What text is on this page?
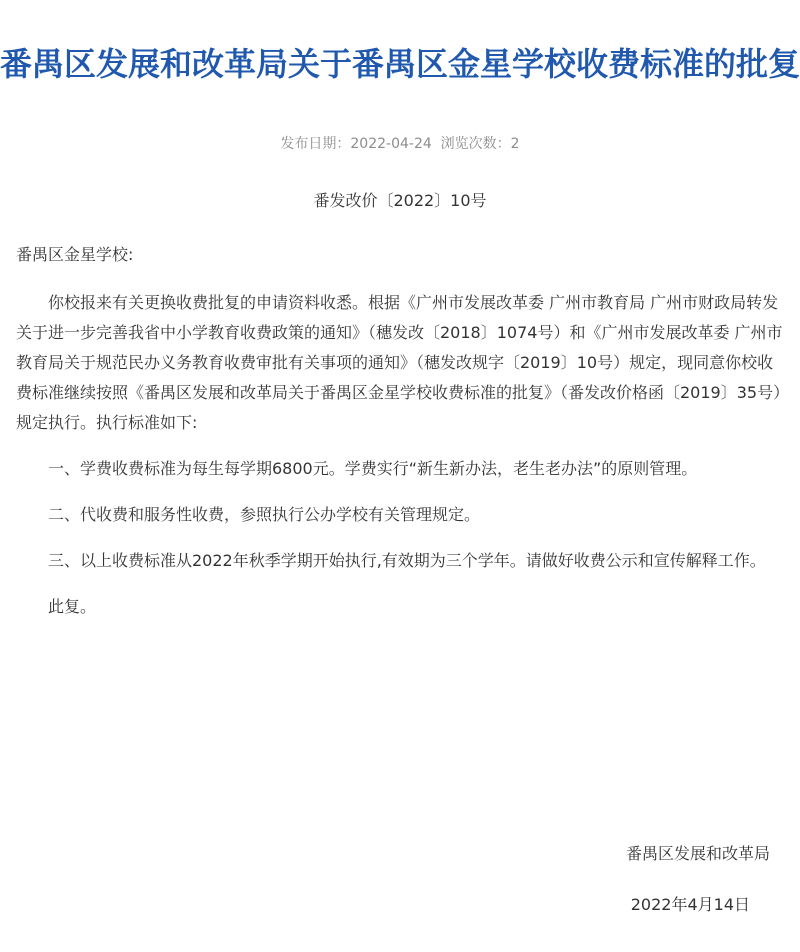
番禺区发展和改革局关于番禺区金星学校收费标准的批复
发布日期：2022-04-24 浏览次数：2
番发改价〔2022〕10号

番禺区金星学校:

你校报来有关更换收费批复的申请资料收悉。根据《广州市发展改革委 广州市教育局 广州市财政局转发关于进一步完善我省中小学教育收费政策的通知》（穗发改〔2018〕1074号）和《广州市发展改革委 广州市教育局关于规范民办义务教育收费审批有关事项的通知》（穗发改规字〔2019〕10号）规定，现同意你校收费标准继续按照《番禺区发展和改革局关于番禺区金星学校收费标准的批复》（番发改价格函〔2019〕35号）规定执行。执行标准如下:

一、学费收费标准为每生每学期6800元。学费实行“新生新办法，老生老办法”的原则管理。

二、代收费和服务性收费，参照执行公办学校有关管理规定。

三、以上收费标准从2022年秋季学期开始执行,有效期为三个学年。请做好收费公示和宣传解释工作。

此复。

番禺区发展和改革局
2022年4月14日
